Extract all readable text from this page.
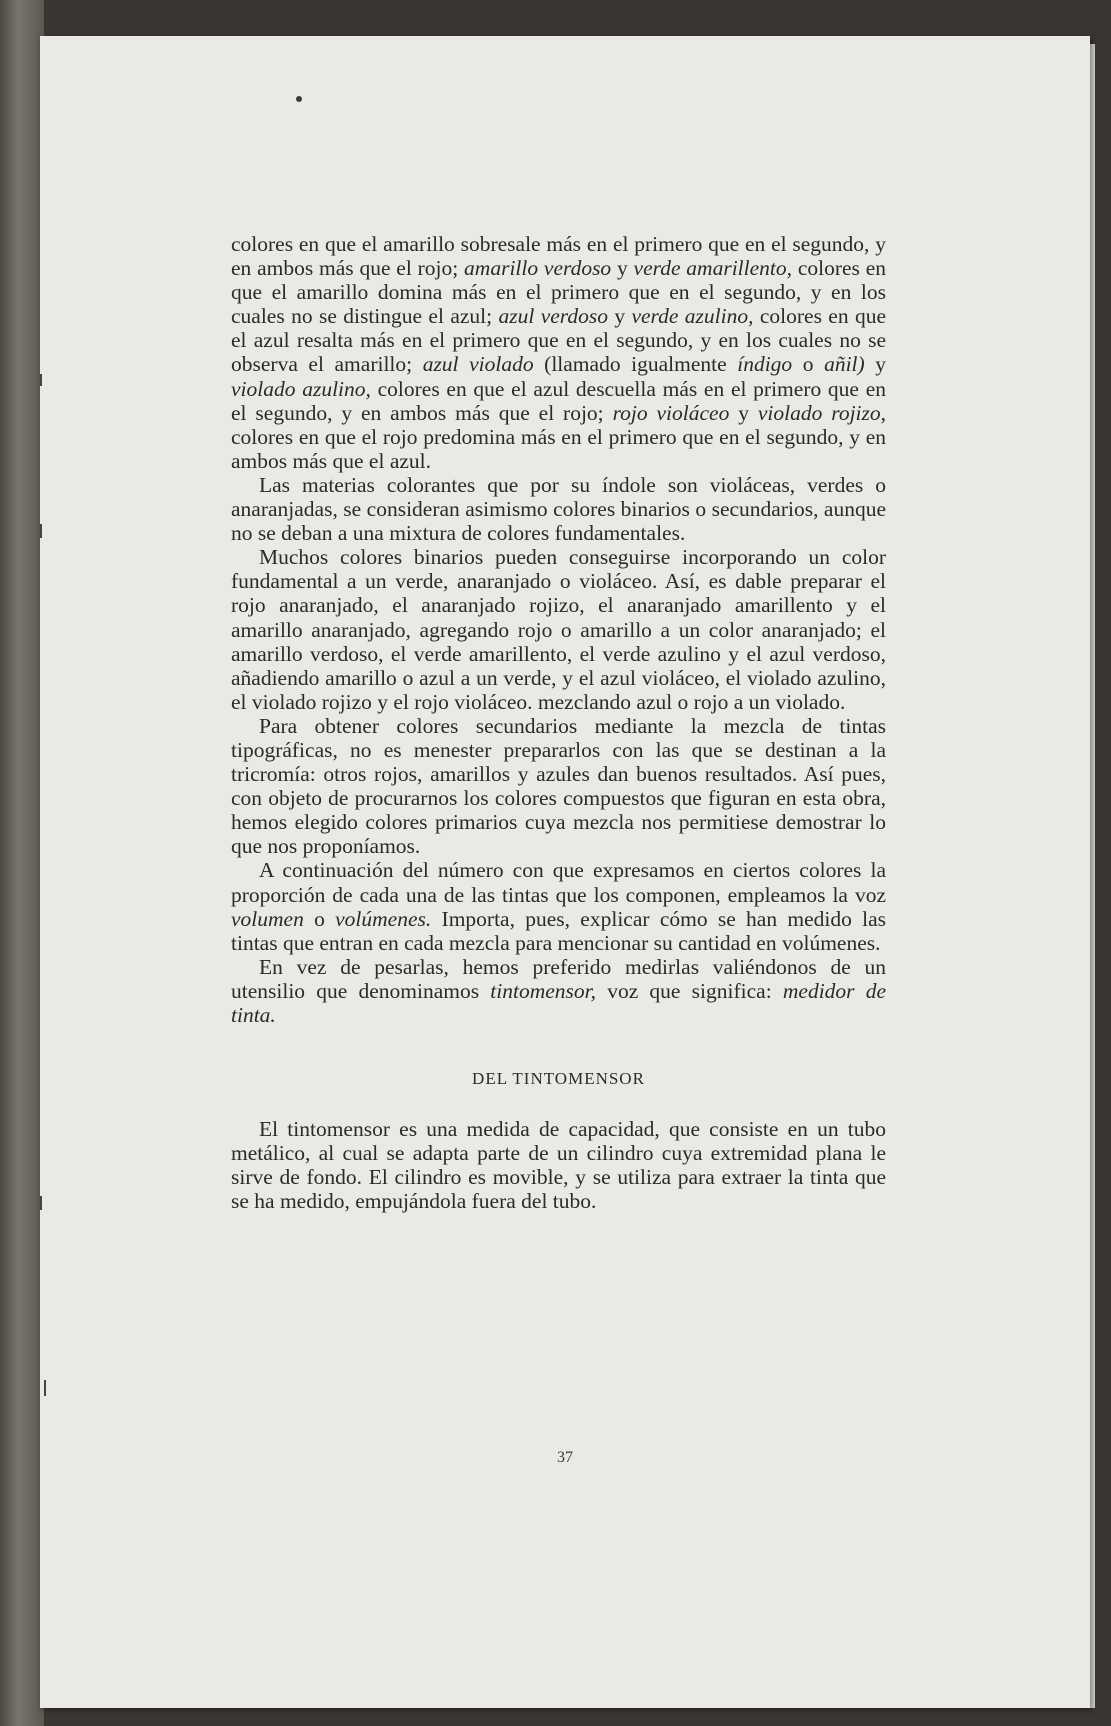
colores en que el amarillo sobresale más en el primero que en el segundo, y en ambos más que el rojo; amarillo verdoso y verde amarillento, colores en que el amarillo domina más en el primero que en el segundo, y en los cuales no se distingue el azul; azul verdoso y verde azulino, colores en que el azul resalta más en el primero que en el segundo, y en los cuales no se observa el amarillo; azul violado (llamado igualmente índigo o añil) y violado azulino, colores en que el azul descuella más en el primero que en el segundo, y en ambos más que el rojo; rojo violáceo y violado rojizo, colores en que el rojo predomina más en el primero que en el segundo, y en ambos más que el azul.

Las materias colorantes que por su índole son violáceas, verdes o anaranjadas, se consideran asimismo colores binarios o secundarios, aunque no se deban a una mixtura de colores fundamentales.

Muchos colores binarios pueden conseguirse incorporando un color fundamental a un verde, anaranjado o violáceo. Así, es dable preparar el rojo anaranjado, el anaranjado rojizo, el anaranjado amarillento y el amarillo anaranjado, agregando rojo o amarillo a un color anaranjado; el amarillo verdoso, el verde amarillento, el verde azulino y el azul verdoso, añadiendo amarillo o azul a un verde, y el azul violáceo, el violado azulino, el violado rojizo y el rojo violáceo. mezclando azul o rojo a un violado.

Para obtener colores secundarios mediante la mezcla de tintas tipográficas, no es menester prepararlos con las que se destinan a la tricromía: otros rojos, amarillos y azules dan buenos resultados. Así pues, con objeto de procurarnos los colores compuestos que figuran en esta obra, hemos elegido colores primarios cuya mezcla nos permitiese demostrar lo que nos proponíamos.

A continuación del número con que expresamos en ciertos colores la proporción de cada una de las tintas que los componen, empleamos la voz volumen o volúmenes. Importa, pues, explicar cómo se han medido las tintas que entran en cada mezcla para mencionar su cantidad en volúmenes.

En vez de pesarlas, hemos preferido medirlas valiéndonos de un utensilio que denominamos tintomensor, voz que significa: medidor de tinta.

DEL TINTOMENSOR

El tintomensor es una medida de capacidad, que consiste en un tubo metálico, al cual se adapta parte de un cilindro cuya extremidad plana le sirve de fondo. El cilindro es movible, y se utiliza para extraer la tinta que se ha medido, empujándola fuera del tubo.

37
